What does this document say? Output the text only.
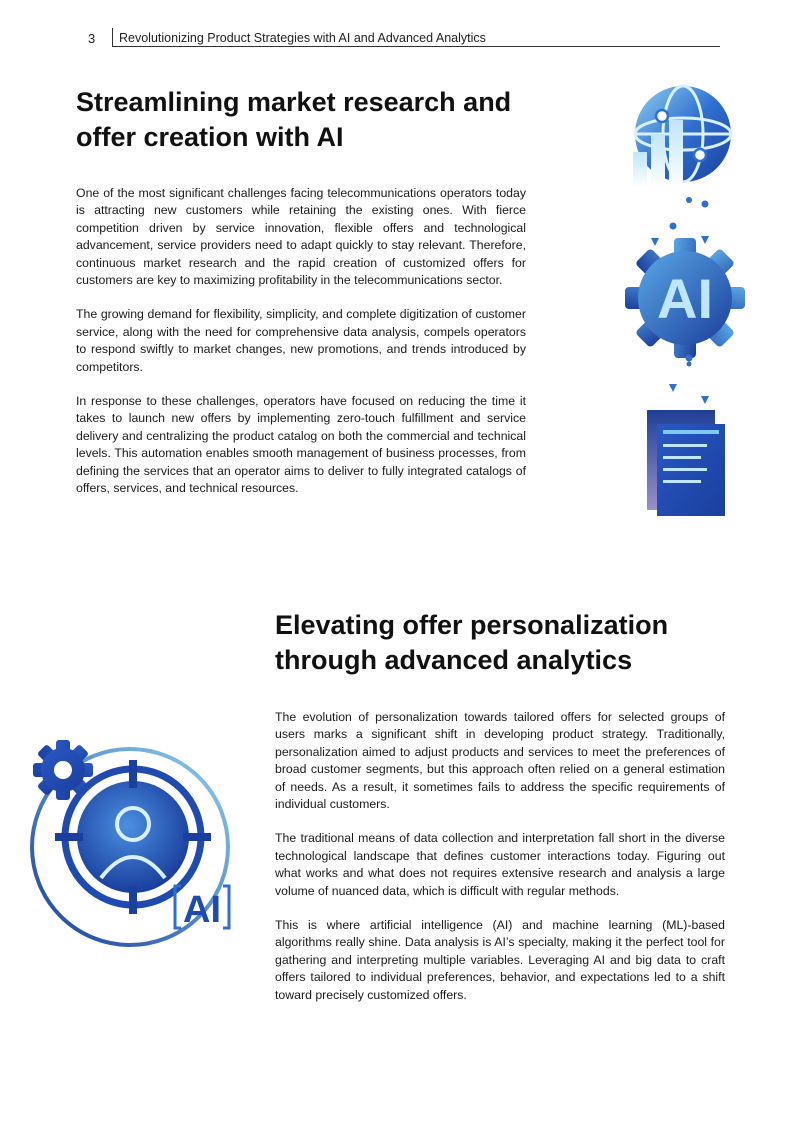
3 Revolutionizing Product Strategies with AI and Advanced Analytics
Streamlining market research and offer creation with AI

One of the most significant challenges facing telecommunications operators today is attracting new customers while retaining the existing ones. With fierce competition driven by service innovation, flexible offers and technological advancement, service providers need to adapt quickly to stay relevant. Therefore, continuous market research and the rapid creation of customized offers for customers are key to maximizing profitability in the telecommunications sector.

The growing demand for flexibility, simplicity, and complete digitization of customer service, along with the need for comprehensive data analysis, compels operators to respond swiftly to market changes, new promotions, and trends introduced by competitors.

In response to these challenges, operators have focused on reducing the time it takes to launch new offers by implementing zero-touch fulfillment and service delivery and centralizing the product catalog on both the commercial and technical levels. This automation enables smooth management of business processes, from defining the services that an operator aims to deliver to fully integrated catalogs of offers, services, and technical resources.

AI
Elevating offer personalization through advanced analytics

The evolution of personalization towards tailored offers for selected groups of users marks a significant shift in developing product strategy. Traditionally, personalization aimed to adjust products and services to meet the preferences of broad customer segments, but this approach often relied on a general estimation of needs. As a result, it sometimes fails to address the specific requirements of individual customers.

The traditional means of data collection and interpretation fall short in the diverse technological landscape that defines customer interactions today. Figuring out what works and what does not requires extensive research and analysis a large volume of nuanced data, which is difficult with regular methods.

This is where artificial intelligence (AI) and machine learning (ML)-based algorithms really shine. Data analysis is AI’s specialty, making it the perfect tool for gathering and interpreting multiple variables. Leveraging AI and big data to craft offers tailored to individual preferences, behavior, and expectations led to a shift toward precisely customized offers.

AI
